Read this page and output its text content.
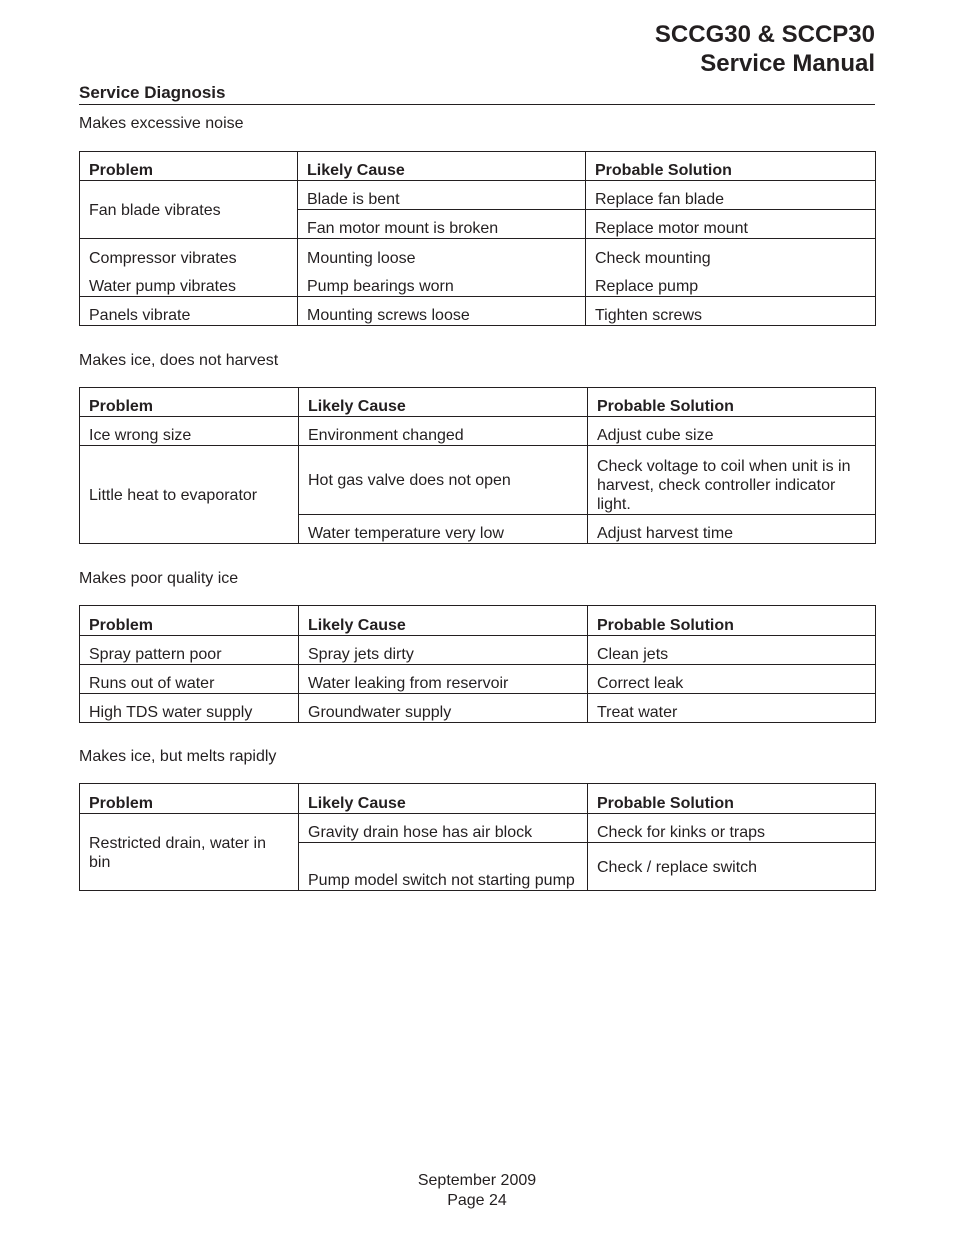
SCCG30 & SCCP30
Service Manual
Service Diagnosis
Makes excessive noise
Problem	Likely Cause	Probable Solution
Fan blade vibrates	Blade is bent	Replace fan blade
	Fan motor mount is broken	Replace motor mount
Compressor vibrates	Mounting loose	Check mounting
Water pump vibrates	Pump bearings worn	Replace pump
Panels vibrate	Mounting screws loose	Tighten screws
Makes ice, does not harvest
Problem	Likely Cause	Probable Solution
Ice wrong size	Environment changed	Adjust cube size
Little heat to evaporator	Hot gas valve does not open	Check voltage to coil when unit is in harvest, check controller indicator light.
	Water temperature very low	Adjust harvest time
Makes poor quality ice
Problem	Likely Cause	Probable Solution
Spray pattern poor	Spray jets dirty	Clean jets
Runs out of water	Water leaking from reservoir	Correct leak
High TDS water supply	Groundwater supply	Treat water
Makes ice, but melts rapidly
Problem	Likely Cause	Probable Solution
Restricted drain, water in bin	Gravity drain hose has air block	Check for kinks or traps
	Pump model switch not starting pump	Check / replace switch
September 2009
Page 24
